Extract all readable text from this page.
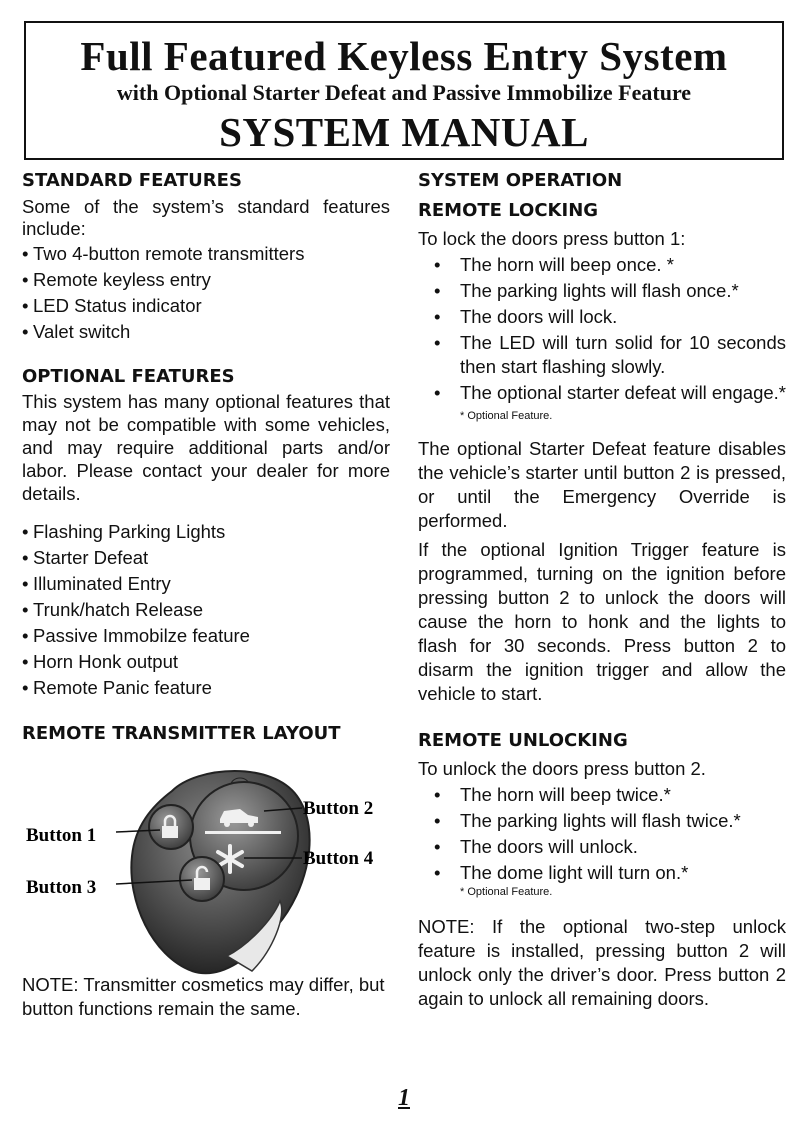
Full Featured Keyless Entry System
with Optional Starter Defeat and Passive Immobilize Feature
SYSTEM MANUAL
STANDARD FEATURES

Some of the system’s standard features include:

• Two 4-button remote transmitters
• Remote keyless entry
• LED Status indicator
• Valet switch
OPTIONAL FEATURES

This system has many optional features that may not be compatible with some vehicles, and may require additional parts and/or labor. Please contact your dealer for more details.

• Flashing Parking Lights
• Starter Defeat
• Illuminated Entry
• Trunk/hatch Release
• Passive Immobilze feature
• Horn Honk output
• Remote Panic feature
REMOTE TRANSMITTER LAYOUT
Button 1
Button 3
Button 2
Button 4

NOTE: Transmitter cosmetics may differ, but button functions remain the same.

SYSTEM OPERATION
REMOTE LOCKING

To lock the doors press button 1:

• The horn will beep once. *
• The parking lights will flash once.*
• The doors will lock.
• The LED will turn solid for 10 seconds then start flashing slowly.
• The optional starter defeat will engage.*
* Optional Feature.

The optional Starter Defeat feature disables the vehicle’s starter until button 2 is pressed, or until the Emergency Override is performed.

If the optional Ignition Trigger feature is programmed, turning on the ignition before pressing button 2 to unlock the doors will cause the horn to honk and the lights to flash for 30 seconds. Press button 2 to disarm the ignition trigger and allow the vehicle to start.

REMOTE UNLOCKING

To unlock the doors press button 2.

• The horn will beep twice.*
• The parking lights will flash twice.*
• The doors will unlock.
• The dome light will turn on.*
* Optional Feature.

NOTE: If the optional two-step unlock feature is installed, pressing button 2 will unlock only the driver’s door. Press button 2 again to unlock all remaining doors.

1
